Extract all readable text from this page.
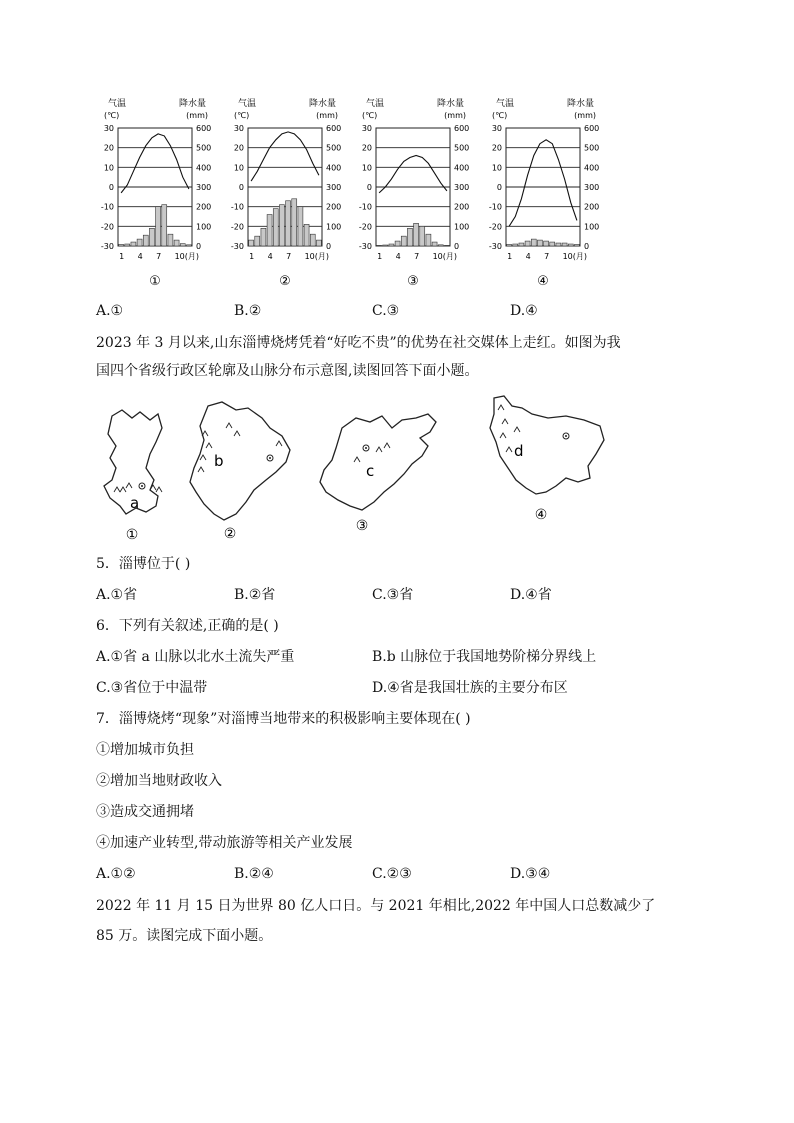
气温
(℃)
降水量
(mm)
30
20
10
0
-10
-20
-30
600
500
400
300
200
100
0
1 4 7 10(月)
①
气温
(℃)
降水量
(mm)
30
20
10
0
-10
-20
-30
600
500
400
300
200
100
0
1 4 7 10(月)
②
气温
(℃)
降水量
(mm)
30
20
10
0
-10
-20
-30
600
500
400
300
200
100
0
1 4 7 10(月)
③
气温
(℃)
降水量
(mm)
30
20
10
0
-10
-20
-30
600
500
400
300
200
100
0
1 4 7 10(月)
④
A.①	B.②	C.③	D.④
2023 年 3 月以来,山东淄博烧烤凭着“好吃不贵”的优势在社交媒体上走红。如图为我
国四个省级行政区轮廓及山脉分布示意图,读图回答下面小题。
a
①
b
②
c
③
d
④
5．淄博位于( )
A.①省	B.②省	C.③省	D.④省
6．下列有关叙述,正确的是( )
A.①省 a 山脉以北水土流失严重	B.b 山脉位于我国地势阶梯分界线上
C.③省位于中温带	D.④省是我国壮族的主要分布区
7．淄博烧烤“现象”对淄博当地带来的积极影响主要体现在( )
①增加城市负担
②增加当地财政收入
③造成交通拥堵
④加速产业转型,带动旅游等相关产业发展
A.①②	B.②④	C.②③	D.③④
2022 年 11 月 15 日为世界 80 亿人口日。与 2021 年相比,2022 年中国人口总数减少了
85 万。读图完成下面小题。
